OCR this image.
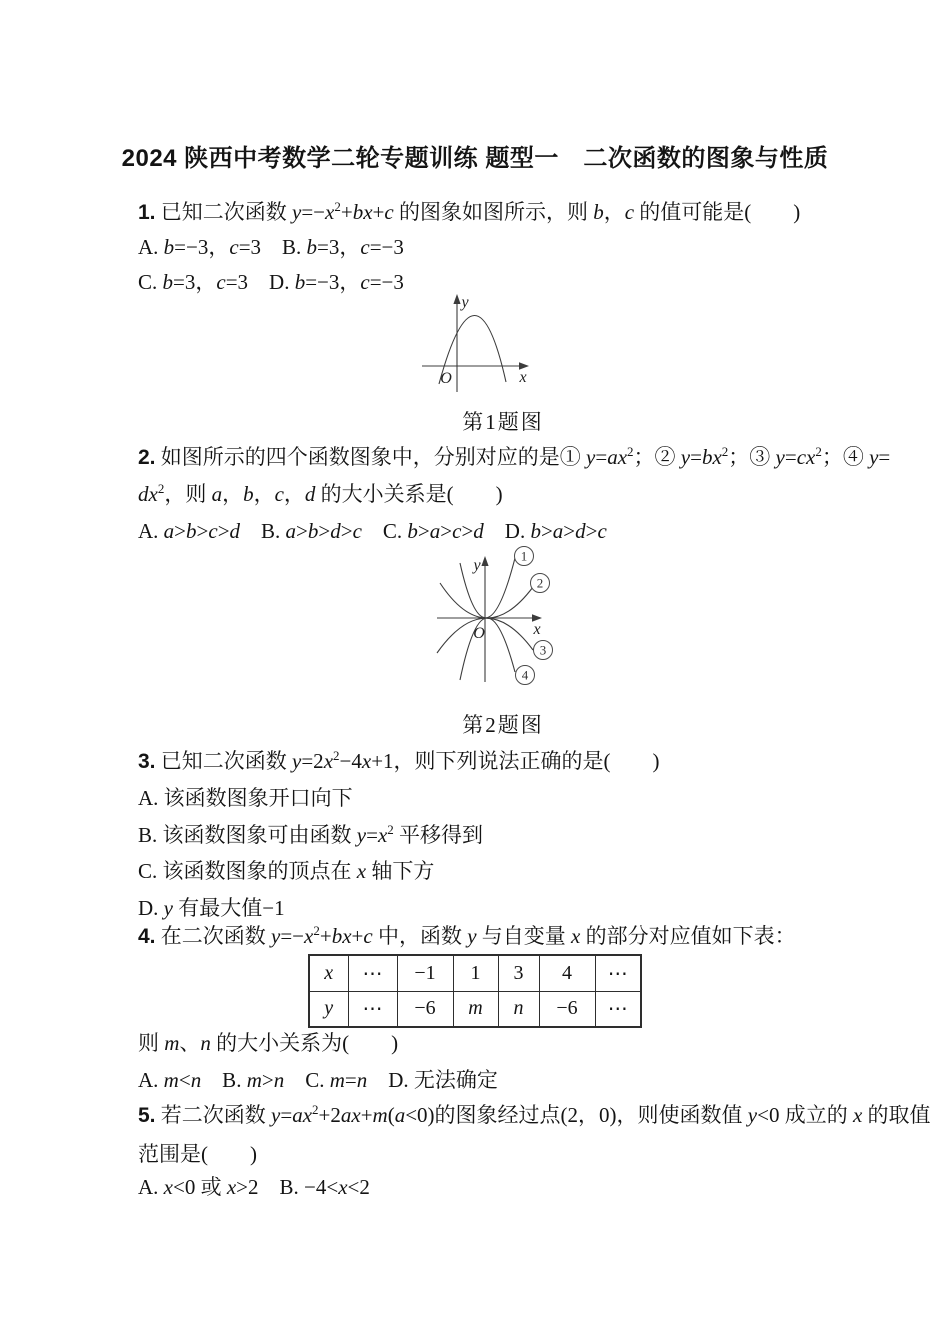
2024 陕西中考数学二轮专题训练 题型一　二次函数的图象与性质
1. 已知二次函数 $y=-x^2+bx+c$ 的图象如图所示，则 b，c 的值可能是(　　)
A. b=−3，c=3　B. b=3，c=−3
C. b=3，c=3　D. b=−3，c=−3
O	x
y
第1题图
2. 如图所示的四个函数图象中，分别对应的是① $y=ax^2$；② $y=bx^2$；③ $y=cx^2$；④ y=
$dx^2$，则 a，b，c，d 的大小关系是(　　)
A. a>b>c>d　B. a>b>d>c　C. b>a>c>d　D. b>a>d>c
1
2
3
4
O	x
y
第2题图
3. 已知二次函数 $y=2x^2-4x+1$，则下列说法正确的是(　　)
A. 该函数图象开口向下
B. 该函数图象可由函数 $y=x^2$ 平移得到
C. 该函数图象的顶点在 x 轴下方
D. y 有最大值−1
4. 在二次函数 $y=-x^2+bx+c$ 中，函数 y 与自变量 x 的部分对应值如下表：
x	⋯	−1	1	3	4	⋯
y	⋯	−6	m	n	−6	⋯
则 m、n 的大小关系为(　　)
A. m<n　B. m>n　C. m=n　D. 无法确定
5. 若二次函数 $y=ax^2+2ax+m(a<0)$的图象经过点(2，0)，则使函数值 y<0 成立的 x 的取值
范围是(　　)
A. x<0 或 x>2　B. −4<x<2
